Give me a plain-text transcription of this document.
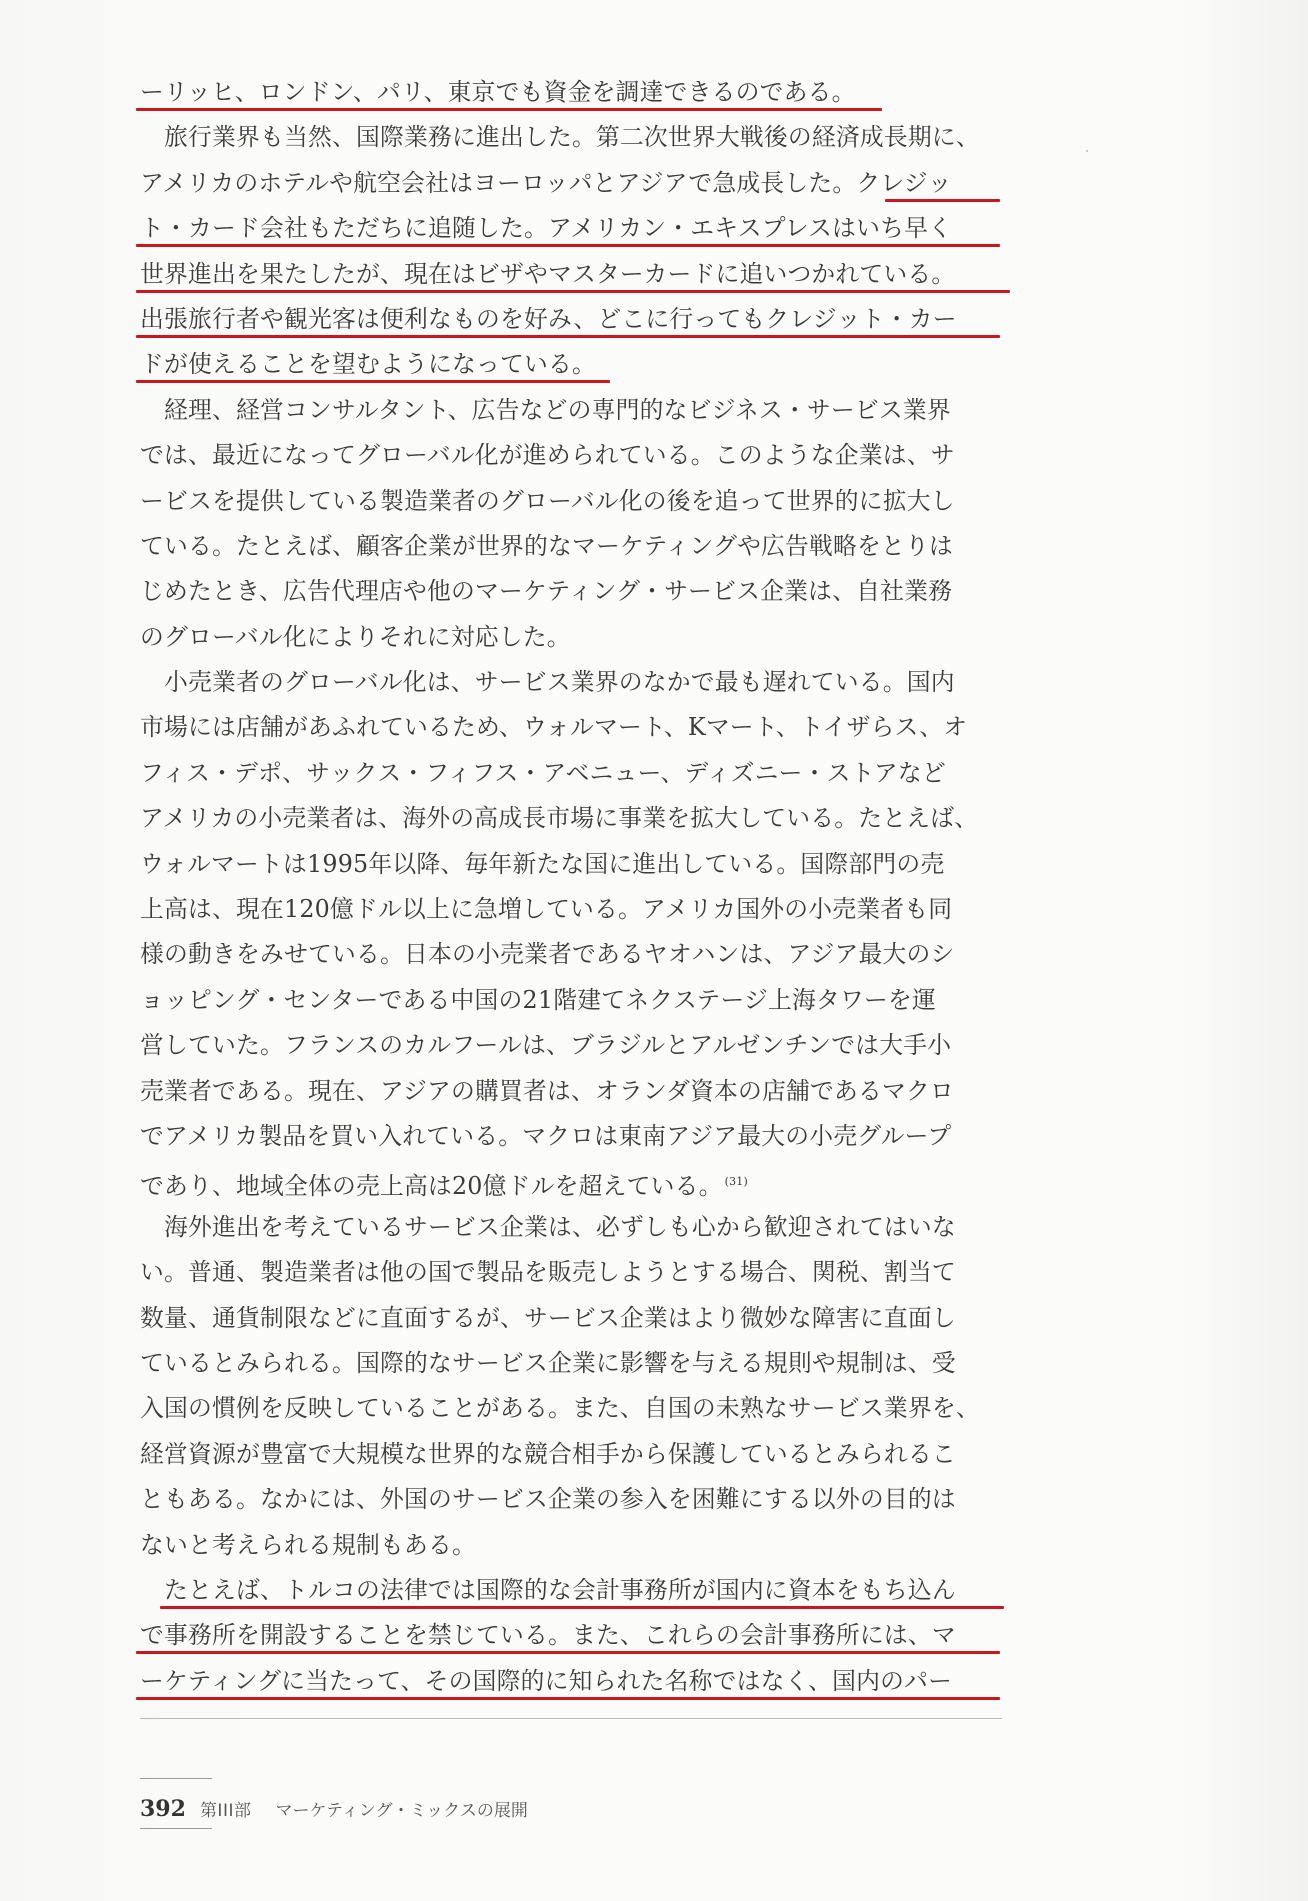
ーリッヒ、ロンドン、パリ、東京でも資金を調達できるのである。
旅行業界も当然、国際業務に進出した。第二次世界大戦後の経済成長期に、
アメリカのホテルや航空会社はヨーロッパとアジアで急成長した。クレジッ
ト・カード会社もただちに追随した。アメリカン・エキスプレスはいち早く
世界進出を果たしたが、現在はビザやマスターカードに追いつかれている。
出張旅行者や観光客は便利なものを好み、どこに行ってもクレジット・カー
ドが使えることを望むようになっている。
経理、経営コンサルタント、広告などの専門的なビジネス・サービス業界
では、最近になってグローバル化が進められている。このような企業は、サ
ービスを提供している製造業者のグローバル化の後を追って世界的に拡大し
ている。たとえば、顧客企業が世界的なマーケティングや広告戦略をとりは
じめたとき、広告代理店や他のマーケティング・サービス企業は、自社業務
のグローバル化によりそれに対応した。
小売業者のグローバル化は、サービス業界のなかで最も遅れている。国内
市場には店舗があふれているため、ウォルマート、Kマート、トイザらス、オ
フィス・デポ、サックス・フィフス・アベニュー、ディズニー・ストアなど
アメリカの小売業者は、海外の高成長市場に事業を拡大している。たとえば、
ウォルマートは1995年以降、毎年新たな国に進出している。国際部門の売
上高は、現在120億ドル以上に急増している。アメリカ国外の小売業者も同
様の動きをみせている。日本の小売業者であるヤオハンは、アジア最大のシ
ョッピング・センターである中国の21階建てネクステージ上海タワーを運
営していた。フランスのカルフールは、ブラジルとアルゼンチンでは大手小
売業者である。現在、アジアの購買者は、オランダ資本の店舗であるマクロ
でアメリカ製品を買い入れている。マクロは東南アジア最大の小売グループ
であり、地域全体の売上高は20億ドルを超えている。 $^{(31)}$
海外進出を考えているサービス企業は、必ずしも心から歓迎されてはいな
い。普通、製造業者は他の国で製品を販売しようとする場合、関税、割当て
数量、通貨制限などに直面するが、サービス企業はより微妙な障害に直面し
ているとみられる。国際的なサービス企業に影響を与える規則や規制は、受
入国の慣例を反映していることがある。また、自国の未熟なサービス業界を、
経営資源が豊富で大規模な世界的な競合相手から保護しているとみられるこ
ともある。なかには、外国のサービス企業の参入を困難にする以外の目的は
ないと考えられる規制もある。
たとえば、トルコの法律では国際的な会計事務所が国内に資本をもち込ん
で事務所を開設することを禁じている。また、これらの会計事務所には、マ
ーケティングに当たって、その国際的に知られた名称ではなく、国内のパー
392 第III部 マーケティング・ミックスの展開
